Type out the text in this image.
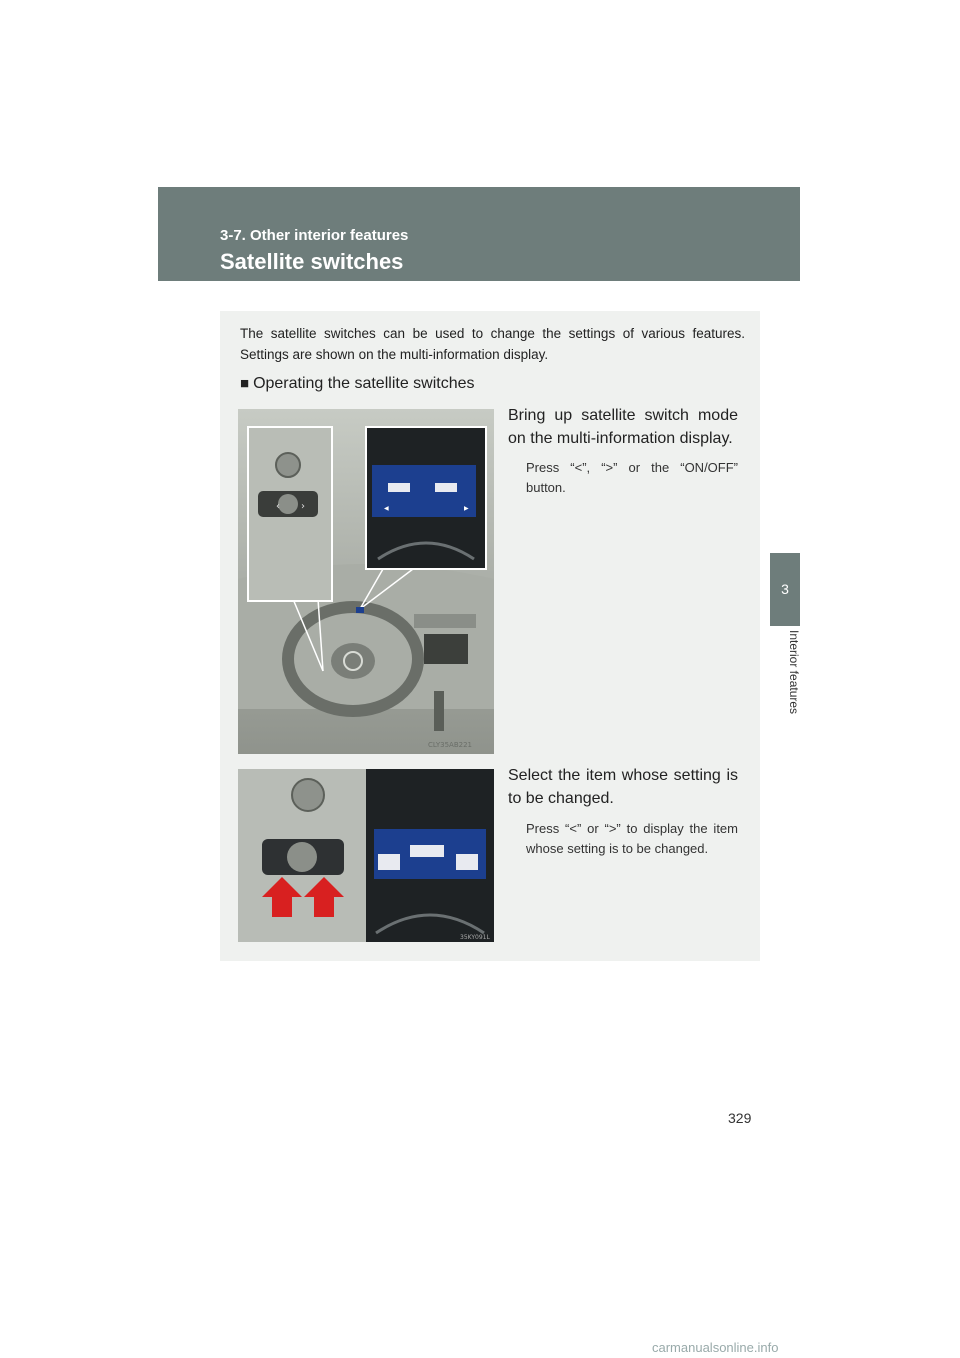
3-7. Other interior features
Satellite switches
3
Interior features
The satellite switches can be used to change the settings of various features. Settings are shown on the multi-information display.
■ Operating the satellite switches
‹ ›	◀	▶
CLY35AB221
Bring up satellite switch mode on the multi-information display.
Press “<”, “>” or the “ON/OFF” button.
35KY091L
Select the item whose setting is to be changed.
Press “<” or “>” to display the item whose setting is to be changed.
329
carmanualsonline.info
